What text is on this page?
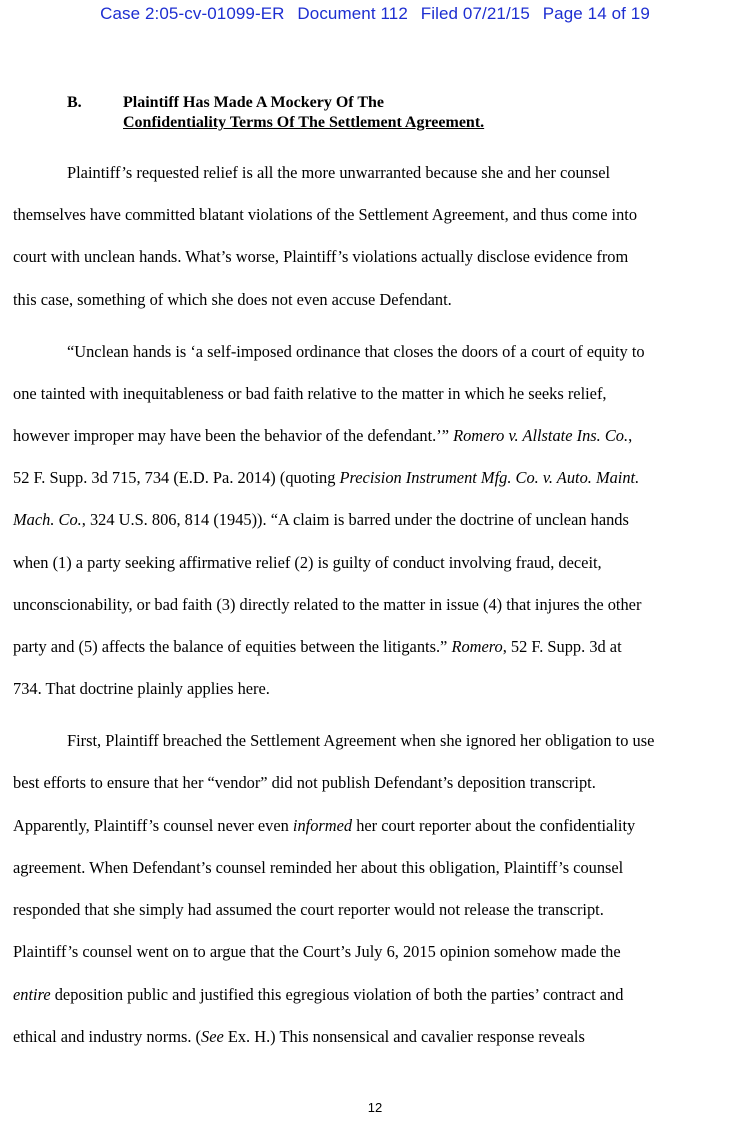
Case 2:05-cv-01099-ER Document 112 Filed 07/21/15 Page 14 of 19
B.	Plaintiff Has Made A Mockery Of The
Confidentiality Terms Of The Settlement Agreement.
Plaintiff’s requested relief is all the more unwarranted because she and her counsel
themselves have committed blatant violations of the Settlement Agreement, and thus come into
court with unclean hands. What’s worse, Plaintiff’s violations actually disclose evidence from
this case, something of which she does not even accuse Defendant.
“Unclean hands is ‘a self-imposed ordinance that closes the doors of a court of equity to
one tainted with inequitableness or bad faith relative to the matter in which he seeks relief,
however improper may have been the behavior of the defendant.’” Romero v. Allstate Ins. Co.,
52 F. Supp. 3d 715, 734 (E.D. Pa. 2014) (quoting Precision Instrument Mfg. Co. v. Auto. Maint.
Mach. Co., 324 U.S. 806, 814 (1945)). “A claim is barred under the doctrine of unclean hands
when (1) a party seeking affirmative relief (2) is guilty of conduct involving fraud, deceit,
unconscionability, or bad faith (3) directly related to the matter in issue (4) that injures the other
party and (5) affects the balance of equities between the litigants.” Romero, 52 F. Supp. 3d at
734. That doctrine plainly applies here.
First, Plaintiff breached the Settlement Agreement when she ignored her obligation to use
best efforts to ensure that her “vendor” did not publish Defendant’s deposition transcript.
Apparently, Plaintiff’s counsel never even informed her court reporter about the confidentiality
agreement. When Defendant’s counsel reminded her about this obligation, Plaintiff’s counsel
responded that she simply had assumed the court reporter would not release the transcript.
Plaintiff’s counsel went on to argue that the Court’s July 6, 2015 opinion somehow made the
entire deposition public and justified this egregious violation of both the parties’ contract and
ethical and industry norms. (See Ex. H.) This nonsensical and cavalier response reveals
12
